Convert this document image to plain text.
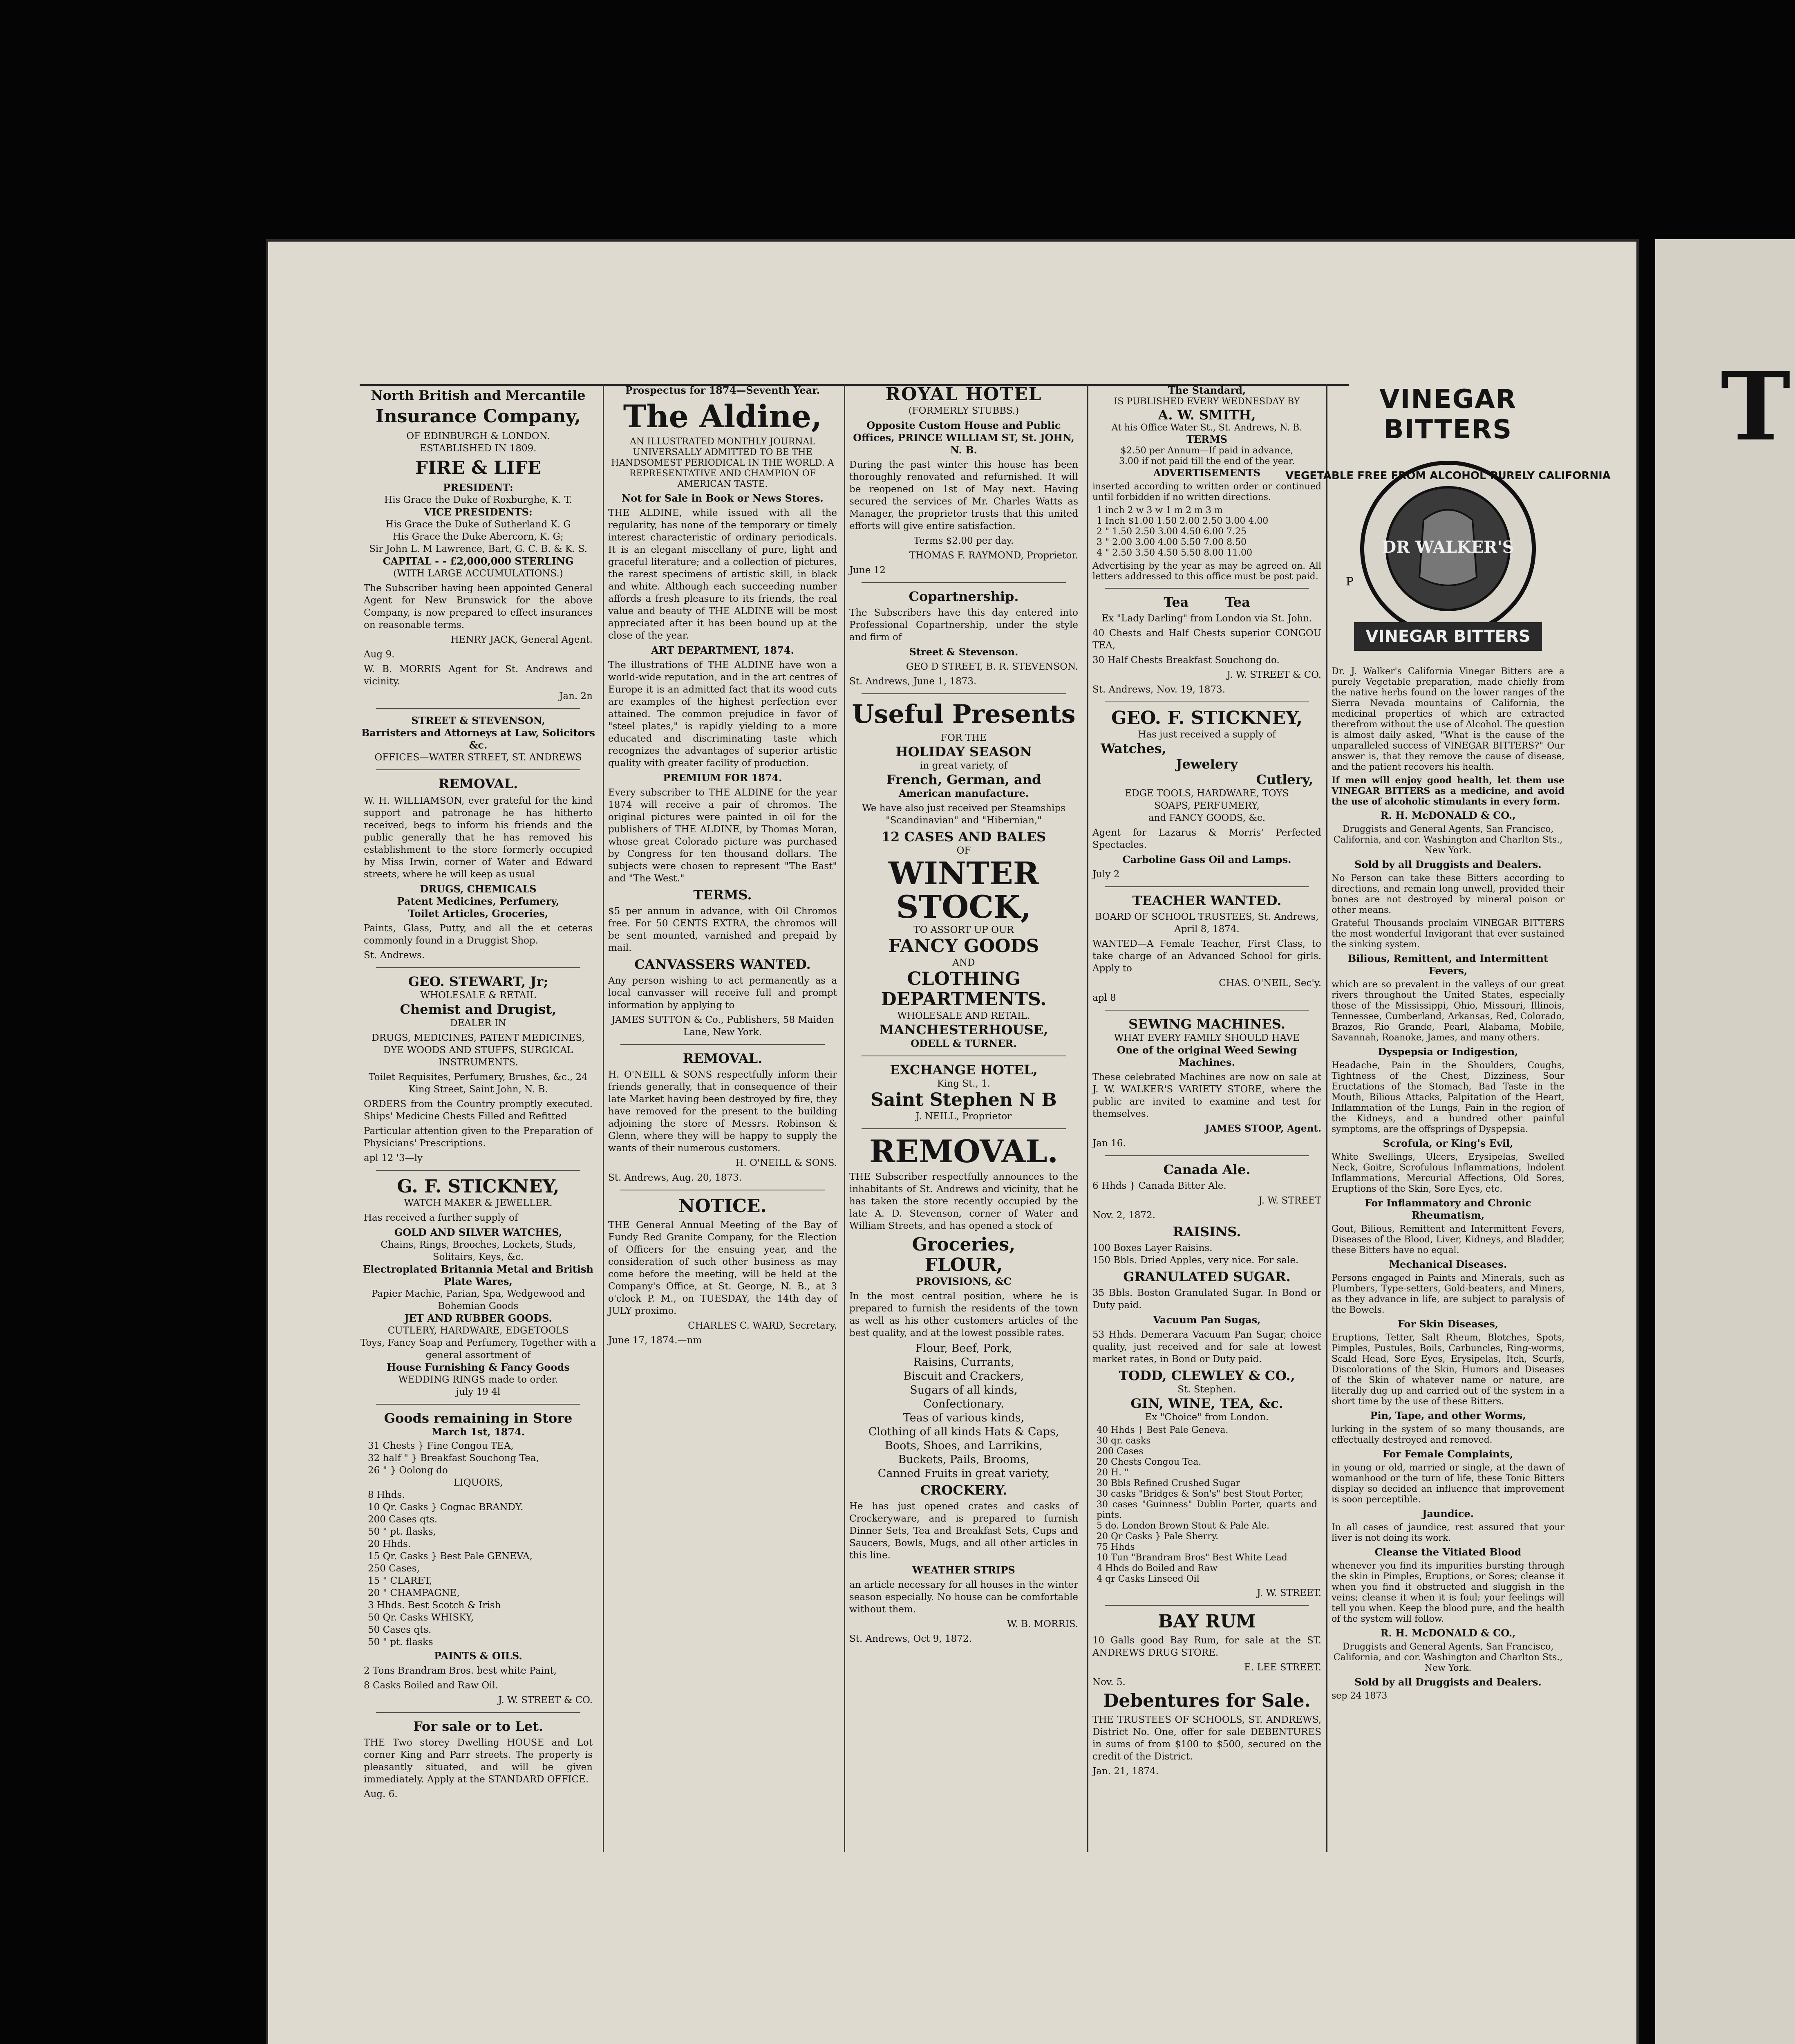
T
North British and Mercantile
Insurance Company,
OF EDINBURGH & LONDON.
ESTABLISHED IN 1809.
FIRE & LIFE
PRESIDENT:
His Grace the Duke of Roxburghe, K. T.
VICE PRESIDENTS:
His Grace the Duke of Sutherland K. G
His Grace the Duke Abercorn, K. G;
Sir John L. M Lawrence, Bart, G. C. B. & K. S.
CAPITAL - - £2,000,000 STERLING
(WITH LARGE ACCUMULATIONS.)

The Subscriber having been appointed General Agent for New Brunswick for the above Company, is now prepared to effect insurances on reasonable terms.

HENRY JACK, General Agent.

Aug 9.

W. B. MORRIS Agent for St. Andrews and vicinity.

Jan. 2n

STREET & STEVENSON,
Barristers and Attorneys at Law, Solicitors &c.
OFFICES—WATER STREET, ST. ANDREWS
REMOVAL.

W. H. WILLIAMSON, ever grateful for the kind support and patronage he has hitherto received, begs to inform his friends and the public generally that he has removed his establishment to the store formerly occupied by Miss Irwin, corner of Water and Edward streets, where he will keep as usual

DRUGS, CHEMICALS
Patent Medicines, Perfumery,
Toilet Articles, Groceries,

Paints, Glass, Putty, and all the et ceteras commonly found in a Druggist Shop.

St. Andrews.

GEO. STEWART, Jr;
WHOLESALE & RETAIL
Chemist and Drugist,
DEALER IN

DRUGS, MEDICINES, PATENT MEDICINES, DYE WOODS AND STUFFS, SURGICAL INSTRUMENTS.

Toilet Requisites, Perfumery, Brushes, &c., 24 King Street, Saint John, N. B.

ORDERS from the Country promptly executed. Ships' Medicine Chests Filled and Refitted

Particular attention given to the Preparation of Physicians' Prescriptions.

apl 12 '3—ly

G. F. STICKNEY,
WATCH MAKER & JEWELLER.

Has received a further supply of

GOLD AND SILVER WATCHES,
Chains, Rings, Brooches, Lockets, Studs, Solitairs, Keys, &c.
Electroplated Britannia Metal and British Plate Wares,
Papier Machie, Parian, Spa, Wedgewood and Bohemian Goods
JET AND RUBBER GOODS.
CUTLERY, HARDWARE, EDGETOOLS
Toys, Fancy Soap and Perfumery, Together with a general assortment of
House Furnishing & Fancy Goods
WEDDING RINGS made to order.
july 19 4l
Goods remaining in Store
March 1st, 1874.
31 Chests } Fine Congou TEA,
32 half " } Breakfast Souchong Tea,
26 " } Oolong do
LIQUORS,
8 Hhds.
10 Qr. Casks } Cognac BRANDY.
200 Cases qts.
50 " pt. flasks,
20 Hhds.
15 Qr. Casks } Best Pale GENEVA,
250 Cases,
15 " CLARET,
20 " CHAMPAGNE,
3 Hhds. Best Scotch & Irish
50 Qr. Casks WHISKY,
50 Cases qts.
50 " pt. flasks
PAINTS & OILS.

2 Tons Brandram Bros. best white Paint,

8 Casks Boiled and Raw Oil.

J. W. STREET & CO.

For sale or to Let.

THE Two storey Dwelling HOUSE and Lot corner King and Parr streets. The property is pleasantly situated, and will be given immediately. Apply at the STANDARD OFFICE.

Aug. 6.

Prospectus for 1874—Seventh Year.
The Aldine,

AN ILLUSTRATED MONTHLY JOURNAL UNIVERSALLY ADMITTED TO BE THE HANDSOMEST PERIODICAL IN THE WORLD. A REPRESENTATIVE AND CHAMPION OF AMERICAN TASTE.

Not for Sale in Book or News Stores.

THE ALDINE, while issued with all the regularity, has none of the temporary or timely interest characteristic of ordinary periodicals. It is an elegant miscellany of pure, light and graceful literature; and a collection of pictures, the rarest specimens of artistic skill, in black and white. Although each succeeding number affords a fresh pleasure to its friends, the real value and beauty of THE ALDINE will be most appreciated after it has been bound up at the close of the year.

ART DEPARTMENT, 1874.

The illustrations of THE ALDINE have won a world-wide reputation, and in the art centres of Europe it is an admitted fact that its wood cuts are examples of the highest perfection ever attained. The common prejudice in favor of "steel plates," is rapidly yielding to a more educated and discriminating taste which recognizes the advantages of superior artistic quality with greater facility of production.

PREMIUM FOR 1874.

Every subscriber to THE ALDINE for the year 1874 will receive a pair of chromos. The original pictures were painted in oil for the publishers of THE ALDINE, by Thomas Moran, whose great Colorado picture was purchased by Congress for ten thousand dollars. The subjects were chosen to represent "The East" and "The West."

TERMS.

$5 per annum in advance, with Oil Chromos free. For 50 CENTS EXTRA, the chromos will be sent mounted, varnished and prepaid by mail.

CANVASSERS WANTED.

Any person wishing to act permanently as a local canvasser will receive full and prompt information by applying to

JAMES SUTTON & Co., Publishers, 58 Maiden Lane, New York.

REMOVAL.

H. O'NEILL & SONS respectfully inform their friends generally, that in consequence of their late Market having been destroyed by fire, they have removed for the present to the building adjoining the store of Messrs. Robinson & Glenn, where they will be happy to supply the wants of their numerous customers.

H. O'NEILL & SONS.

St. Andrews, Aug. 20, 1873.

NOTICE.

THE General Annual Meeting of the Bay of Fundy Red Granite Company, for the Election of Officers for the ensuing year, and the consideration of such other business as may come before the meeting, will be held at the Company's Office, at St. George, N. B., at 3 o'clock P. M., on TUESDAY, the 14th day of JULY proximo.

CHARLES C. WARD, Secretary.

June 17, 1874.—nm

ROYAL HOTEL
(FORMERLY STUBBS.)

Opposite Custom House and Public Offices, PRINCE WILLIAM ST, St. JOHN, N. B.

During the past winter this house has been thoroughly renovated and refurnished. It will be reopened on 1st of May next. Having secured the services of Mr. Charles Watts as Manager, the proprietor trusts that this united efforts will give entire satisfaction.

Terms $2.00 per day.

THOMAS F. RAYMOND, Proprietor.

June 12

Copartnership.

The Subscribers have this day entered into Professional Copartnership, under the style and firm of

Street & Stevenson.

GEO D STREET, B. R. STEVENSON.

St. Andrews, June 1, 1873.

Useful Presents
FOR THE
HOLIDAY SEASON
in great variety, of
French, German, and
American manufacture.

We have also just received per Steamships "Scandinavian" and "Hibernian,"

12 CASES AND BALES
OF
WINTER STOCK,
TO ASSORT UP OUR
FANCY GOODS
AND
CLOTHING DEPARTMENTS.
WHOLESALE AND RETAIL.
MANCHESTERHOUSE,
ODELL & TURNER.
EXCHANGE HOTEL,
King St., 1.
Saint Stephen N B
J. NEILL, Proprietor
REMOVAL.

THE Subscriber respectfully announces to the inhabitants of St. Andrews and vicinity, that he has taken the store recently occupied by the late A. D. Stevenson, corner of Water and William Streets, and has opened a stock of

Groceries,
FLOUR,
PROVISIONS, &C

In the most central position, where he is prepared to furnish the residents of the town as well as his other customers articles of the best quality, and at the lowest possible rates.

Flour, Beef, Pork,
Raisins, Currants,
Biscuit and Crackers,
Sugars of all kinds,
Confectionary.
Teas of various kinds,
Clothing of all kinds Hats & Caps,
Boots, Shoes, and Larrikins,
Buckets, Pails, Brooms,
Canned Fruits in great variety,
CROCKERY.

He has just opened crates and casks of Crockeryware, and is prepared to furnish Dinner Sets, Tea and Breakfast Sets, Cups and Saucers, Bowls, Mugs, and all other articles in this line.

WEATHER STRIPS

an article necessary for all houses in the winter season especially. No house can be comfortable without them.

W. B. MORRIS.

St. Andrews, Oct 9, 1872.

The Standard,
IS PUBLISHED EVERY WEDNESDAY BY
A. W. SMITH,
At his Office Water St., St. Andrews, N. B.
TERMS
$2.50 per Annum—If paid in advance,
3.00 if not paid till the end of the year.
ADVERTISEMENTS

inserted according to written order or continued until forbidden if no written directions.

1 inch 2 w 3 w 1 m 2 m 3 m
1 Inch $1.00 1.50 2.00 2.50 3.00 4.00
2 " 1.50 2.50 3.00 4.50 6.00 7.25
3 " 2.00 3.00 4.00 5.50 7.00 8.50
4 " 2.50 3.50 4.50 5.50 8.00 11.00

Advertising by the year as may be agreed on. All letters addressed to this office must be post paid.

Tea        Tea

Ex "Lady Darling" from London via St. John.

40 Chests and Half Chests superior CONGOU TEA,

30 Half Chests Breakfast Souchong do.

J. W. STREET & CO.

St. Andrews, Nov. 19, 1873.

GEO. F. STICKNEY,
Has just received a supply of
Watches,
Jewelery
Cutlery,
EDGE TOOLS, HARDWARE, TOYS
SOAPS, PERFUMERY,
and FANCY GOODS, &c.

Agent for Lazarus & Morris' Perfected Spectacles.

Carboline Gass Oil and Lamps.

July 2

TEACHER WANTED.

BOARD OF SCHOOL TRUSTEES, St. Andrews, April 8, 1874.

WANTED—A Female Teacher, First Class, to take charge of an Advanced School for girls. Apply to

CHAS. O'NEIL, Sec'y.

apl 8

SEWING MACHINES.
WHAT EVERY FAMILY SHOULD HAVE
One of the original Weed Sewing Machines.

These celebrated Machines are now on sale at J. W. WALKER'S VARIETY STORE, where the public are invited to examine and test for themselves.

JAMES STOOP, Agent.

Jan 16.

Canada Ale.

6 Hhds } Canada Bitter Ale.

J. W. STREET

Nov. 2, 1872.

RAISINS.

100 Boxes Layer Raisins.
150 Bbls. Dried Apples, very nice. For sale.

GRANULATED SUGAR.

35 Bbls. Boston Granulated Sugar. In Bond or Duty paid.

Vacuum Pan Sugas,

53 Hhds. Demerara Vacuum Pan Sugar, choice quality, just received and for sale at lowest market rates, in Bond or Duty paid.

TODD, CLEWLEY & CO.,
St. Stephen.
GIN, WINE, TEA, &c.
Ex "Choice" from London.
40 Hhds } Best Pale Geneva.
30 qr. casks
200 Cases
20 Chests Congou Tea.
20 H. "
30 Bbls Refined Crushed Sugar
30 casks "Bridges & Son's" best Stout Porter,
30 cases "Guinness" Dublin Porter, quarts and pints.
5 do. London Brown Stout & Pale Ale.
20 Qr Casks } Pale Sherry.
75 Hhds
10 Tun "Brandram Bros" Best White Lead
4 Hhds do Boiled and Raw
4 qr Casks Linseed Oil

J. W. STREET.

BAY RUM

10 Galls good Bay Rum, for sale at the ST. ANDREWS DRUG STORE.

E. LEE STREET.

Nov. 5.

Debentures for Sale.

THE TRUSTEES OF SCHOOLS, ST. ANDREWS, District No. One, offer for sale DEBENTURES in sums of from $100 to $500, secured on the credit of the District.

Jan. 21, 1874.

VINEGAR BITTERS
VEGETABLE FREE FROM ALCOHOL PURELY CALIFORNIA
DR WALKER'S
VINEGAR BITTERS
P

Dr. J. Walker's California Vinegar Bitters are a purely Vegetable preparation, made chiefly from the native herbs found on the lower ranges of the Sierra Nevada mountains of California, the medicinal properties of which are extracted therefrom without the use of Alcohol. The question is almost daily asked, "What is the cause of the unparalleled success of VINEGAR BITTERS?" Our answer is, that they remove the cause of disease, and the patient recovers his health.

If men will enjoy good health, let them use VINEGAR BITTERS as a medicine, and avoid the use of alcoholic stimulants in every form.

R. H. McDONALD & CO.,

Druggists and General Agents, San Francisco, California, and cor. Washington and Charlton Sts., New York.

Sold by all Druggists and Dealers.

No Person can take these Bitters according to directions, and remain long unwell, provided their bones are not destroyed by mineral poison or other means.

Grateful Thousands proclaim VINEGAR BITTERS the most wonderful Invigorant that ever sustained the sinking system.

Bilious, Remittent, and Intermittent Fevers,

which are so prevalent in the valleys of our great rivers throughout the United States, especially those of the Mississippi, Ohio, Missouri, Illinois, Tennessee, Cumberland, Arkansas, Red, Colorado, Brazos, Rio Grande, Pearl, Alabama, Mobile, Savannah, Roanoke, James, and many others.

Dyspepsia or Indigestion,

Headache, Pain in the Shoulders, Coughs, Tightness of the Chest, Dizziness, Sour Eructations of the Stomach, Bad Taste in the Mouth, Bilious Attacks, Palpitation of the Heart, Inflammation of the Lungs, Pain in the region of the Kidneys, and a hundred other painful symptoms, are the offsprings of Dyspepsia.

Scrofula, or King's Evil,

White Swellings, Ulcers, Erysipelas, Swelled Neck, Goitre, Scrofulous Inflammations, Indolent Inflammations, Mercurial Affections, Old Sores, Eruptions of the Skin, Sore Eyes, etc.

For Inflammatory and Chronic Rheumatism,

Gout, Bilious, Remittent and Intermittent Fevers, Diseases of the Blood, Liver, Kidneys, and Bladder, these Bitters have no equal.

Mechanical Diseases.

Persons engaged in Paints and Minerals, such as Plumbers, Type-setters, Gold-beaters, and Miners, as they advance in life, are subject to paralysis of the Bowels.

For Skin Diseases,

Eruptions, Tetter, Salt Rheum, Blotches, Spots, Pimples, Pustules, Boils, Carbuncles, Ring-worms, Scald Head, Sore Eyes, Erysipelas, Itch, Scurfs, Discolorations of the Skin, Humors and Diseases of the Skin of whatever name or nature, are literally dug up and carried out of the system in a short time by the use of these Bitters.

Pin, Tape, and other Worms,

lurking in the system of so many thousands, are effectually destroyed and removed.

For Female Complaints,

in young or old, married or single, at the dawn of womanhood or the turn of life, these Tonic Bitters display so decided an influence that improvement is soon perceptible.

Jaundice.

In all cases of jaundice, rest assured that your liver is not doing its work.

Cleanse the Vitiated Blood

whenever you find its impurities bursting through the skin in Pimples, Eruptions, or Sores; cleanse it when you find it obstructed and sluggish in the veins; cleanse it when it is foul; your feelings will tell you when. Keep the blood pure, and the health of the system will follow.

R. H. McDONALD & CO.,

Druggists and General Agents, San Francisco, California, and cor. Washington and Charlton Sts., New York.

Sold by all Druggists and Dealers.

sep 24 1873
